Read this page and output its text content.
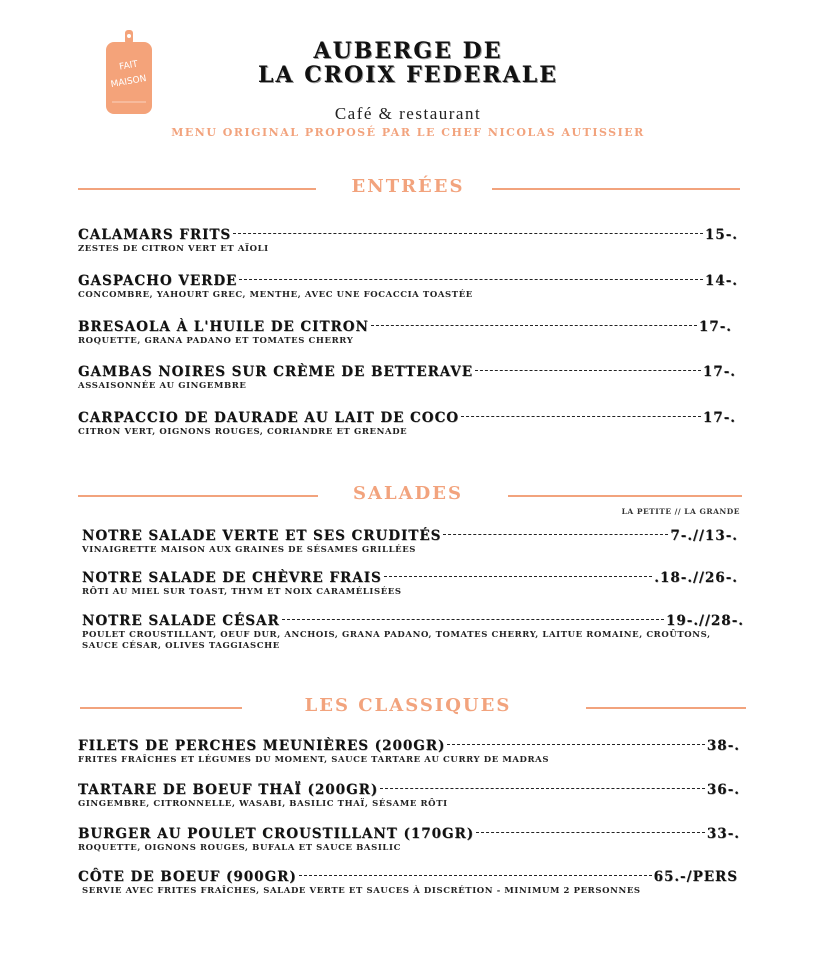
FAIT
MAISON
AUBERGE DE
LA CROIX FEDERALE
Café & restaurant
MENU ORIGINAL PROPOSÉ PAR LE CHEF NICOLAS AUTISSIER
ENTRÉES
CALAMARS FRITS	15-.
ZESTES DE CITRON VERT ET AÏOLI
GASPACHO VERDE	14-.
CONCOMBRE, YAHOURT GREC, MENTHE, AVEC UNE FOCACCIA TOASTÉE
BRESAOLA À L'HUILE DE CITRON	17-.
ROQUETTE, GRANA PADANO ET TOMATES CHERRY
GAMBAS NOIRES SUR CRÈME DE BETTERAVE	17-.
ASSAISONNÉE AU GINGEMBRE
CARPACCIO DE DAURADE AU LAIT DE COCO	17-.
CITRON VERT, OIGNONS ROUGES, CORIANDRE ET GRENADE
SALADES
LA PETITE // LA GRANDE
NOTRE SALADE VERTE ET SES CRUDITÉS	7-.//13-.
VINAIGRETTE MAISON AUX GRAINES DE SÉSAMES GRILLÉES
NOTRE SALADE DE CHÈVRE FRAIS	.18-.//26-.
RÔTI AU MIEL SUR TOAST, THYM ET NOIX CARAMÉLISÉES
NOTRE SALADE CÉSAR	19-.//28-.
POULET CROUSTILLANT, OEUF DUR, ANCHOIS, GRANA PADANO, TOMATES CHERRY, LAITUE ROMAINE, CROÛTONS, SAUCE CÉSAR, OLIVES TAGGIASCHE
LES CLASSIQUES
FILETS DE PERCHES MEUNIÈRES (200GR)	38-.
FRITES FRAÎCHES ET LÉGUMES DU MOMENT, SAUCE TARTARE AU CURRY DE MADRAS
TARTARE DE BOEUF THAÏ (200GR)	36-.
GINGEMBRE, CITRONNELLE, WASABI, BASILIC THAÏ, SÉSAME RÔTI
BURGER AU POULET CROUSTILLANT (170GR)	33-.
ROQUETTE, OIGNONS ROUGES, BUFALA ET SAUCE BASILIC
CÔTE DE BOEUF (900GR)	65.-/PERS
SERVIE AVEC FRITES FRAÎCHES, SALADE VERTE ET SAUCES À DISCRÉTION - MINIMUM 2 PERSONNES
